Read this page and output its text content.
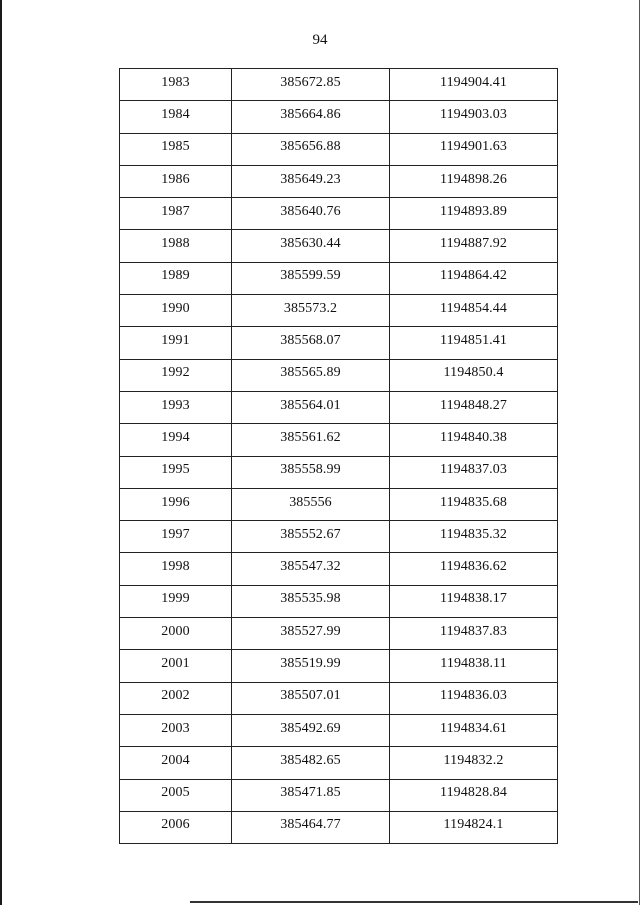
94
1983	385672.85	1194904.41
1984	385664.86	1194903.03
1985	385656.88	1194901.63
1986	385649.23	1194898.26
1987	385640.76	1194893.89
1988	385630.44	1194887.92
1989	385599.59	1194864.42
1990	385573.2	1194854.44
1991	385568.07	1194851.41
1992	385565.89	1194850.4
1993	385564.01	1194848.27
1994	385561.62	1194840.38
1995	385558.99	1194837.03
1996	385556	1194835.68
1997	385552.67	1194835.32
1998	385547.32	1194836.62
1999	385535.98	1194838.17
2000	385527.99	1194837.83
2001	385519.99	1194838.11
2002	385507.01	1194836.03
2003	385492.69	1194834.61
2004	385482.65	1194832.2
2005	385471.85	1194828.84
2006	385464.77	1194824.1
